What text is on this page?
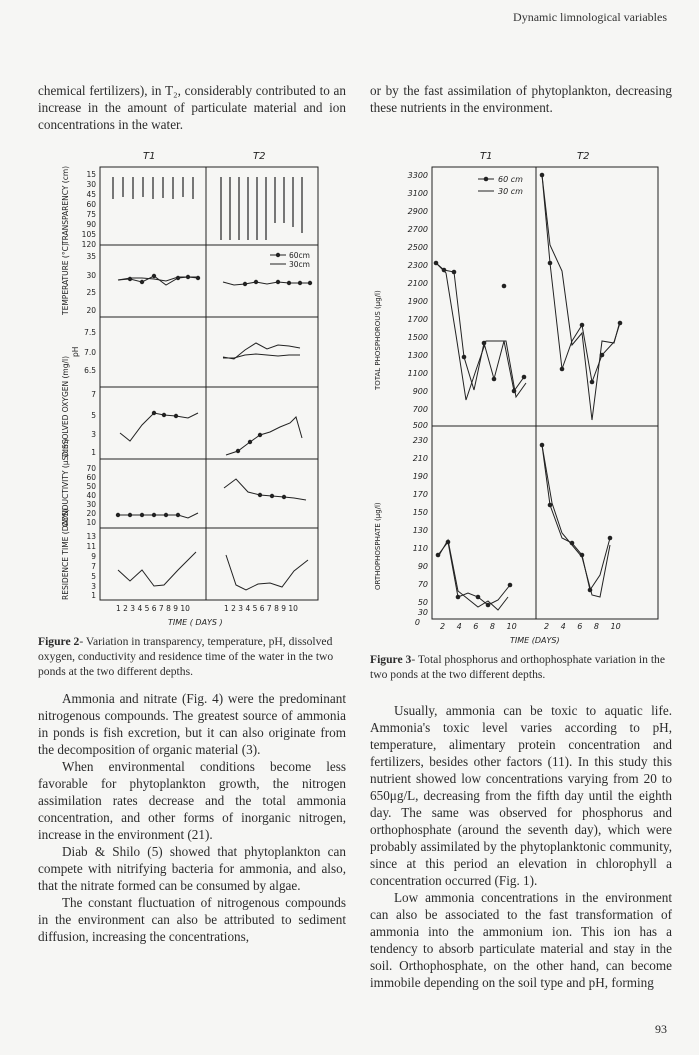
Dynamic limnological variables

chemical fertilizers), in T₂, considerably contributed to an increase in the amount of particulate material and ion concentrations in the water.

or by the fast assimilation of phytoplankton, decreasing these nutrients in the environment.

T1	T2
TRANSPARENCY (cm)
TEMPERATURE (°C)
pH
DISSOLVED OXYGEN (mg/l)
CONDUCTIVITY (μS/cm)
RESIDENCE TIME (DAYS)
15
30
45
60
75
90
105
120
35
30
25
20
7.5
7.0
6.5
7
5
3
1
70
60
50
40
30
20
10
13
11
9
7
5
3
1
60cm
30cm
1 2 3 4 5 6 7 8 9 10	1 2 3 4 5 6 7 8 9 10
TIME ( DAYS )
Figure 2- Variation in transparency, temperature, pH, dissolved oxygen, conductivity and residence time of the water in the two ponds at the two different depths.
T1	T2
TOTAL PHOSPHOROUS (μg/l)
ORTHOPHOSPHATE (μg/l)
3300
3100
2900
2700
2500
2300
2100
1900
1700
1500
1300
1100
900
700
500
230
210
190
170
150
130
110
90
70
50
30
0
60 cm
30 cm
2 4 6 8 10	2 4 6 8 10
TIME (DAYS)
Figure 3- Total phosphorus and orthophosphate variation in the two ponds at the two different depths.

Ammonia and nitrate (Fig. 4) were the predominant nitrogenous compounds. The greatest source of ammonia in ponds is fish excretion, but it can also originate from the decomposition of organic material (3).

When environmental conditions become less favorable for phytoplankton growth, the nitrogen assimilation rates decrease and the total ammonia concentration, and other forms of inorganic nitrogen, increase in the environment (21).

Diab & Shilo (5) showed that phytoplankton can compete with nitrifying bacteria for ammonia, and also, that the nitrate formed can be consumed by algae.

The constant fluctuation of nitrogenous compounds in the environment can also be attributed to sediment diffusion, increasing the concentrations,

Usually, ammonia can be toxic to aquatic life. Ammonia's toxic level varies according to pH, temperature, alimentary protein concentration and fertilizers, besides other factors (11). In this study this nutrient showed low concentrations varying from 20 to 650μg/L, decreasing from the fifth day until the eighth day. The same was observed for phosphorus and orthophosphate (around the seventh day), which were probably assimilated by the phytoplanktonic community, since at this period an elevation in chlorophyll a concentration occurred (Fig. 1).

Low ammonia concentrations in the environment can also be associated to the fast transformation of ammonia into the ammonium ion. This ion has a tendency to absorb particulate material and stay in the soil. Orthophosphate, on the other hand, can become immobile depending on the soil type and pH, forming

93
